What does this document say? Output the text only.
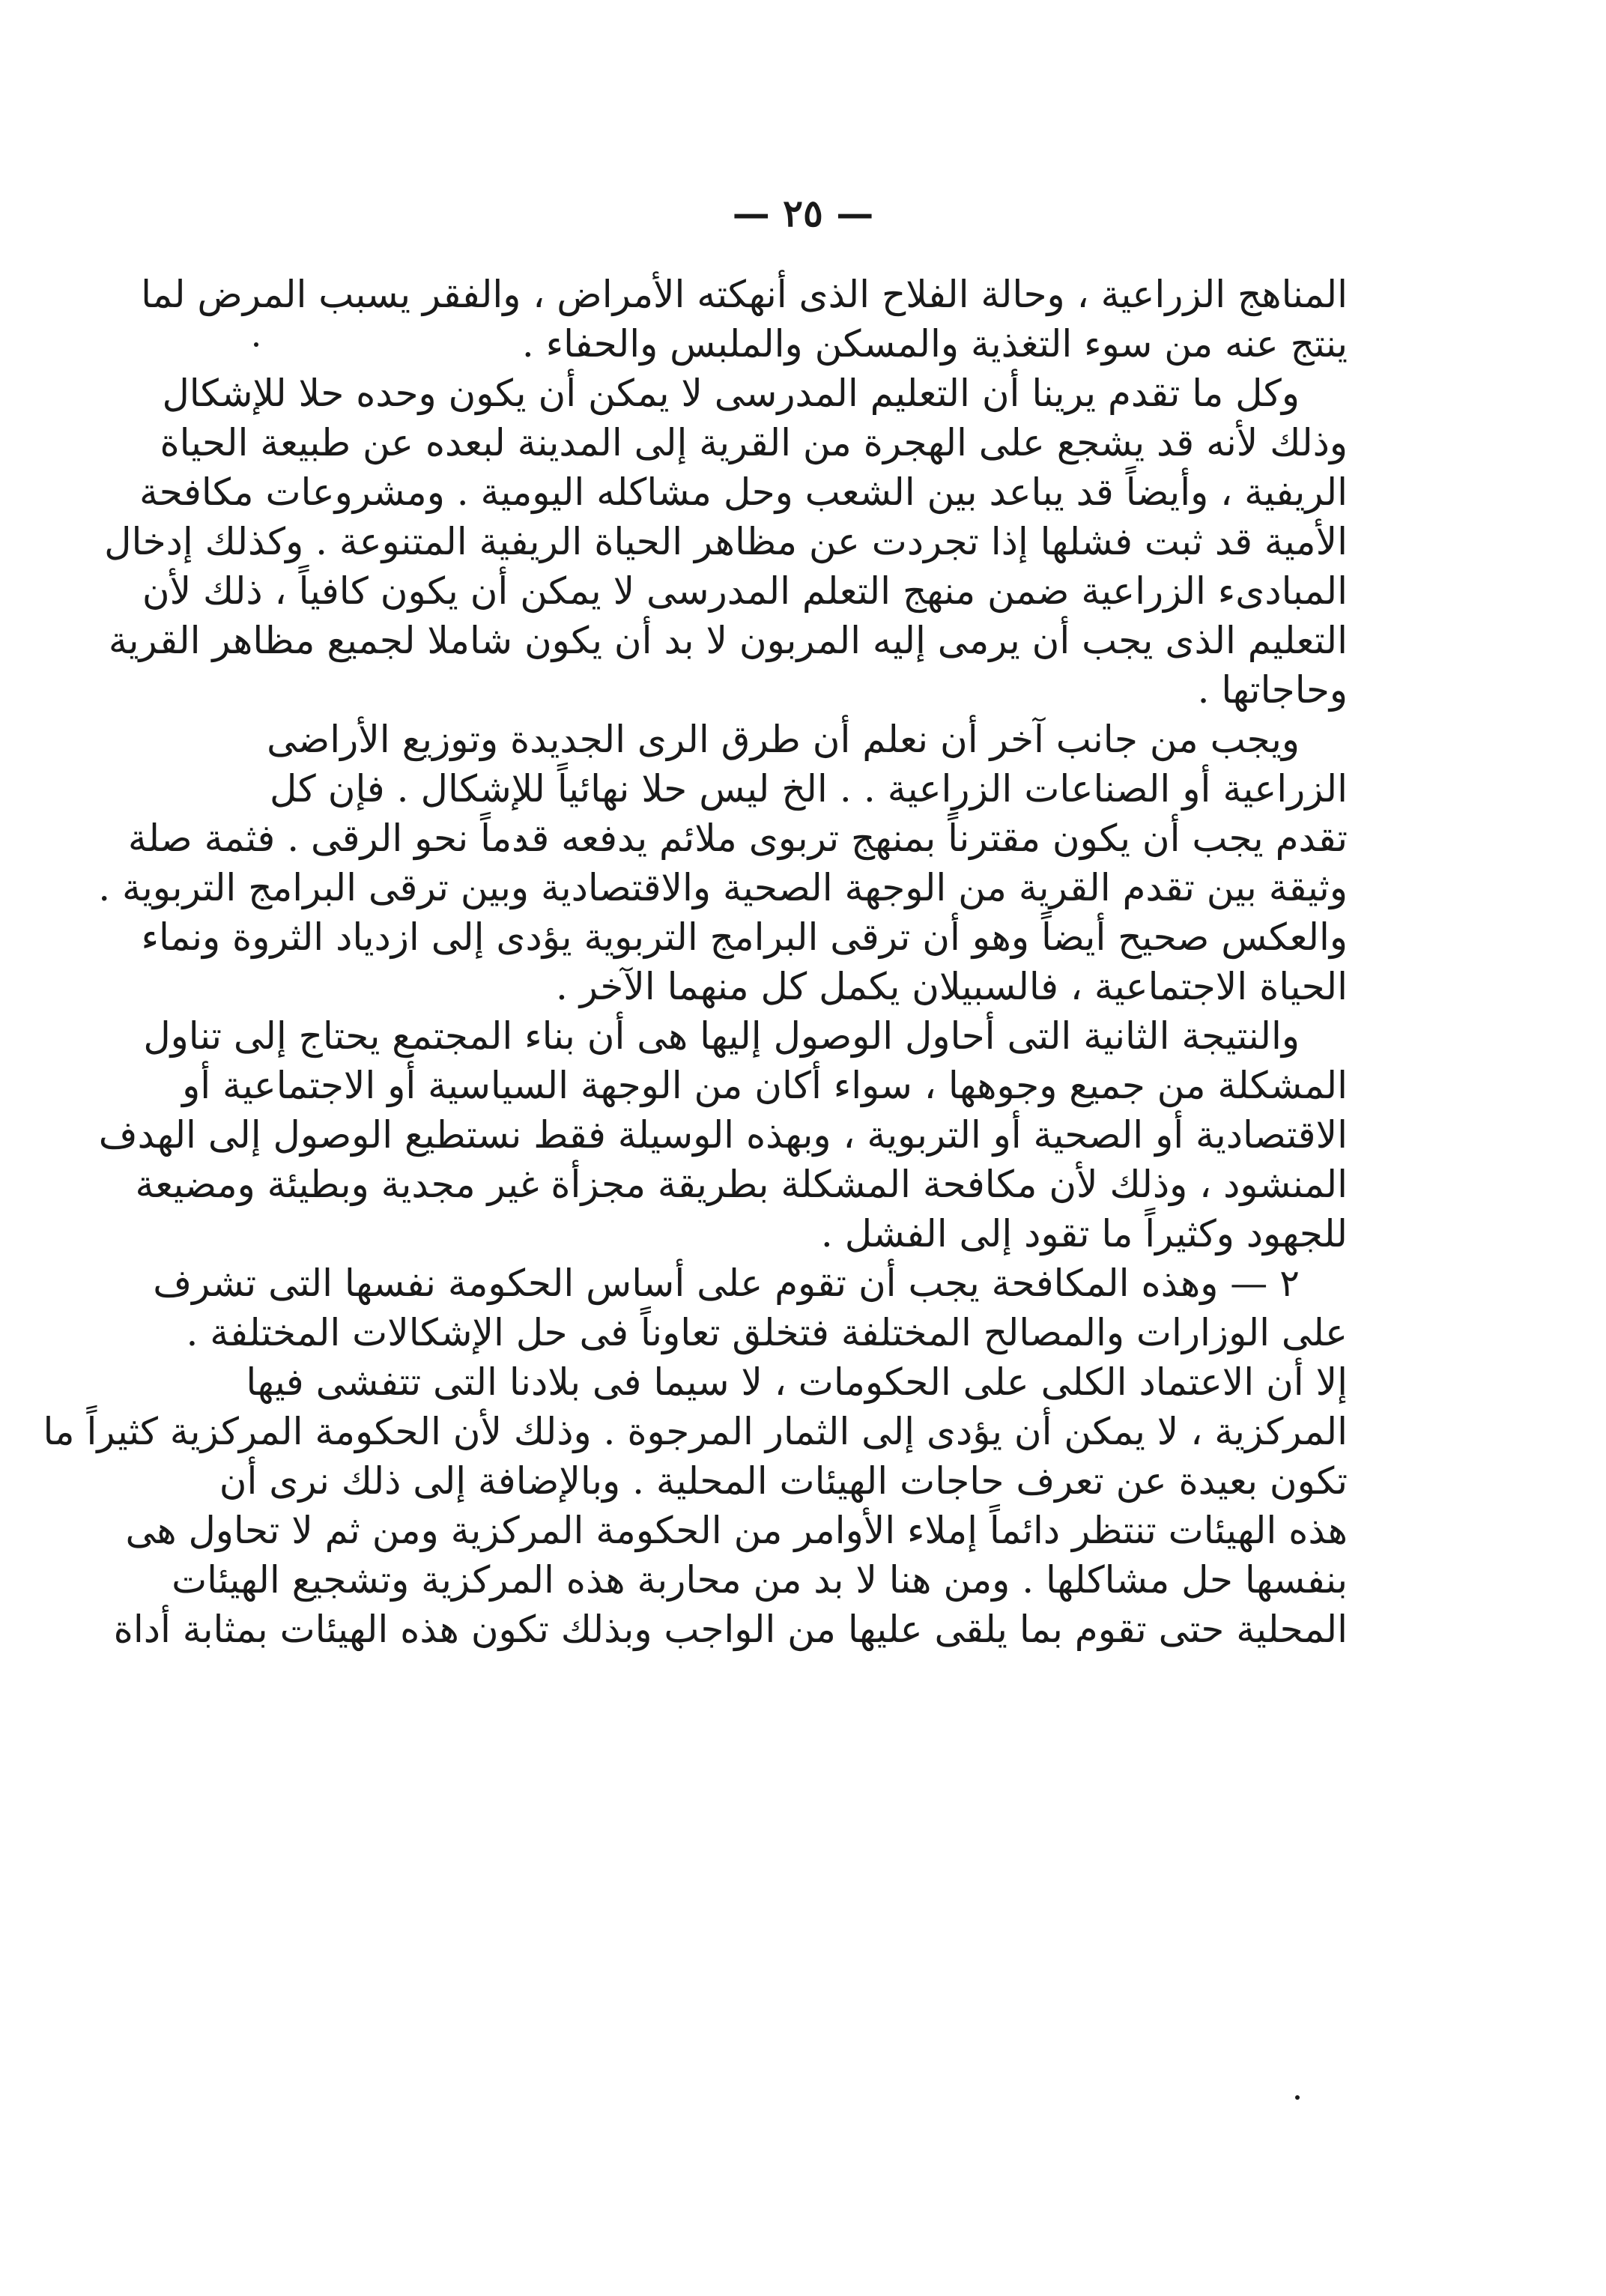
— ٢٥ —
المناهج الزراعية ، وحالة الفلاح الذى أنهكته الأمراض ، والفقر يسبب المرض لما
ينتج عنه من سوء التغذية والمسكن والملبس والحفاء .
وكل ما تقدم يرينا أن التعليم المدرسى لا يمكن أن يكون وحده حلا للإشكال
وذلك لأنه قد يشجع على الهجرة من القرية إلى المدينة لبعده عن طبيعة الحياة
الريفية ، وأيضاً قد يباعد بين الشعب وحل مشاكله اليومية . ومشروعات مكافحة
الأمية قد ثبت فشلها إذا تجردت عن مظاهر الحياة الريفية المتنوعة . وكذلك إدخال
المبادىء الزراعية ضمن منهج التعلم المدرسى لا يمكن أن يكون كافياً ، ذلك لأن
التعليم الذى يجب أن يرمى إليه المربون لا بد أن يكون شاملا لجميع مظاهر القرية
وحاجاتها .
ويجب من جانب آخر أن نعلم أن طرق الرى الجديدة وتوزيع الأراضى
الزراعية أو الصناعات الزراعية . . الخ ليس حلا نهائياً للإشكال . فإن كل
تقدم يجب أن يكون مقترناً بمنهج تربوى ملائم يدفعه قدماً نحو الرقى . فثمة صلة
وثيقة بين تقدم القرية من الوجهة الصحية والاقتصادية وبين ترقى البرامج التربوية .
والعكس صحيح أيضاً وهو أن ترقى البرامج التربوية يؤدى إلى ازدياد الثروة ونماء
الحياة الاجتماعية ، فالسبيلان يكمل كل منهما الآخر .
والنتيجة الثانية التى أحاول الوصول إليها هى أن بناء المجتمع يحتاج إلى تناول
المشكلة من جميع وجوهها ، سواء أكان من الوجهة السياسية أو الاجتماعية أو
الاقتصادية أو الصحية أو التربوية ، وبهذه الوسيلة فقط نستطيع الوصول إلى الهدف
المنشود ، وذلك لأن مكافحة المشكلة بطريقة مجزأة غير مجدية وبطيئة ومضيعة
للجهود وكثيراً ما تقود إلى الفشل .
٢ — وهذه المكافحة يجب أن تقوم على أساس الحكومة نفسها التى تشرف
على الوزارات والمصالح المختلفة فتخلق تعاوناً فى حل الإشكالات المختلفة .
إلا أن الاعتماد الكلى على الحكومات ، لا سيما فى بلادنا التى تتفشى فيها
المركزية ، لا يمكن أن يؤدى إلى الثمار المرجوة . وذلك لأن الحكومة المركزية كثيراً ما
تكون بعيدة عن تعرف حاجات الهيئات المحلية . وبالإضافة إلى ذلك نرى أن
هذه الهيئات تنتظر دائماً إملاء الأوامر من الحكومة المركزية ومن ثم لا تحاول هى
بنفسها حل مشاكلها . ومن هنا لا بد من محاربة هذه المركزية وتشجيع الهيئات
المحلية حتى تقوم بما يلقى عليها من الواجب وبذلك تكون هذه الهيئات بمثابة أداة
